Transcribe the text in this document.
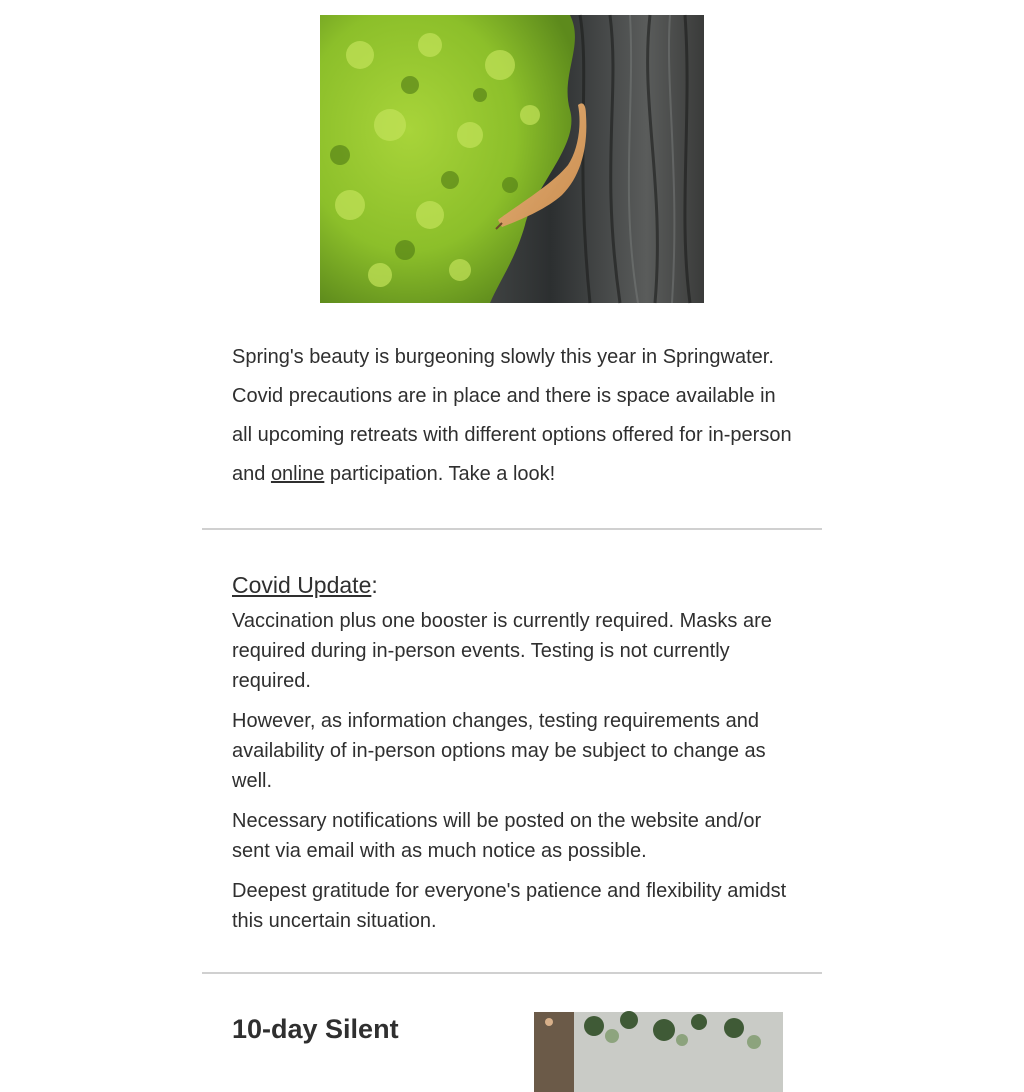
Spring's beauty is burgeoning slowly this year in Springwater. Covid precautions are in place and there is space available in all upcoming retreats with different options offered for in-person and online participation. Take a look!

Covid Update:

Vaccination plus one booster is currently required. Masks are required during in-person events. Testing is not currently required.

However, as information changes, testing requirements and availability of in-person options may be subject to change as well.

Necessary notifications will be posted on the website and/or sent via email with as much notice as possible.

Deepest gratitude for everyone's patience and flexibility amidst this uncertain situation.

10-day Silent
